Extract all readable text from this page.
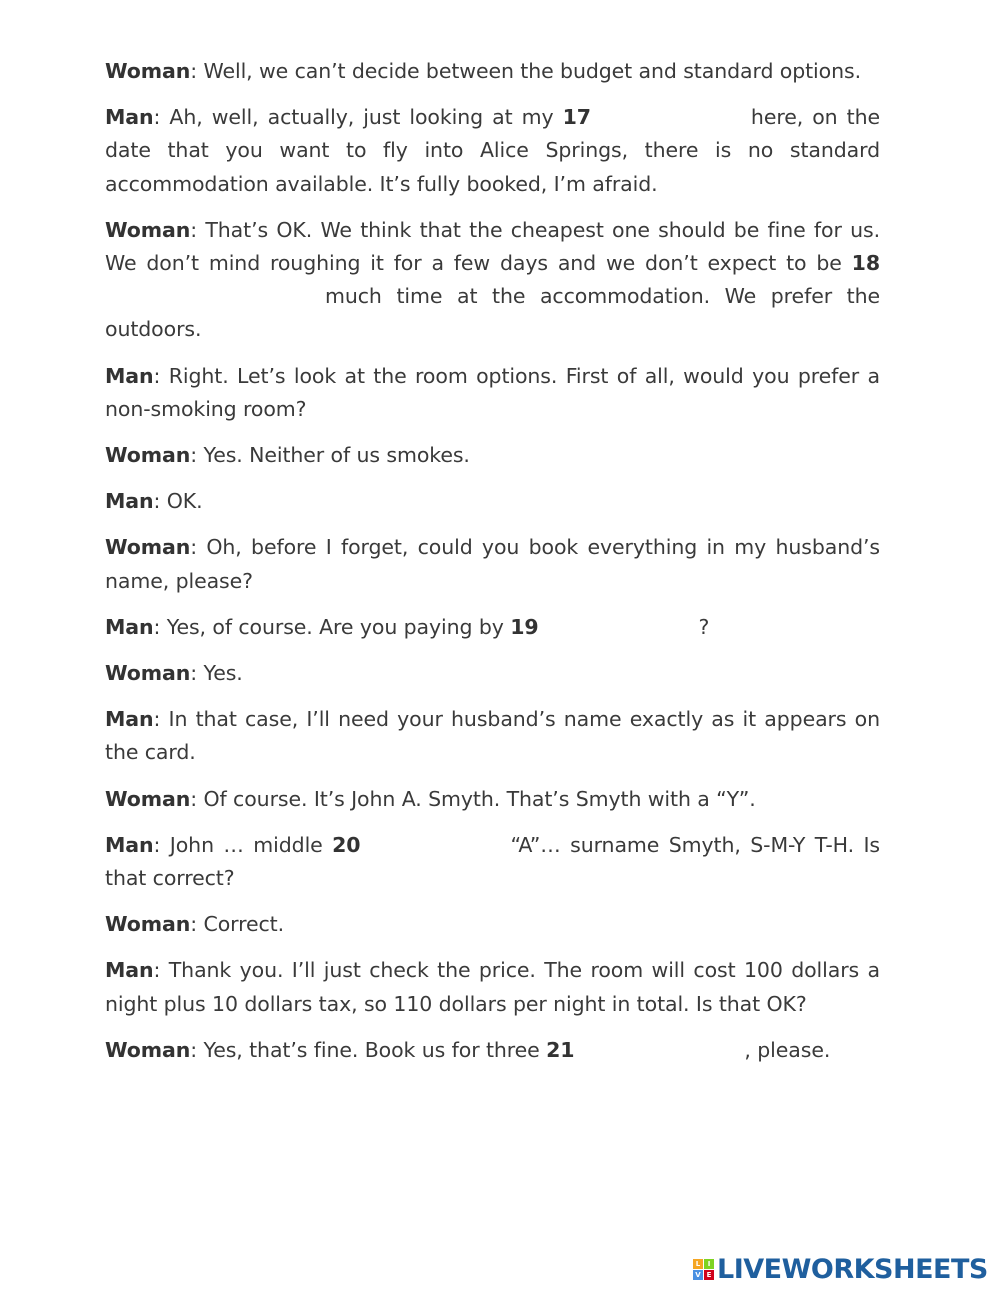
Woman: Well, we can’t decide between the budget and standard options.

Man: Ah, well, actually, just looking at my 17	here, on the date that you want to fly into Alice Springs, there is no standard accommodation available. It’s fully booked, I’m afraid.

Woman: That’s OK. We think that the cheapest one should be fine for us. We don’t mind roughing it for a few days and we don’t expect to be 18much time at the accommodation. We prefer the outdoors.

Man: Right. Let’s look at the room options. First of all, would you prefer a non-smoking room?

Woman: Yes. Neither of us smokes.

Man: OK.

Woman: Oh, before I forget, could you book everything in my husband’s name, please?

Man: Yes, of course. Are you paying by 19	?

Woman: Yes.

Man: In that case, I’ll need your husband’s name exactly as it appears on the card.

Woman: Of course. It’s John A. Smyth. That’s Smyth with a “Y”.

Man: John … middle 20	“A”… surname Smyth, S-M-Y T-H. Is that correct?

Woman: Correct.

Man: Thank you. I’ll just check the price. The room will cost 100 dollars a night plus 10 dollars tax, so 110 dollars per night in total. Is that OK?

Woman: Yes, that’s fine. Book us for three 21	, please.

L	I
V E LIVEWORKSHEETS
